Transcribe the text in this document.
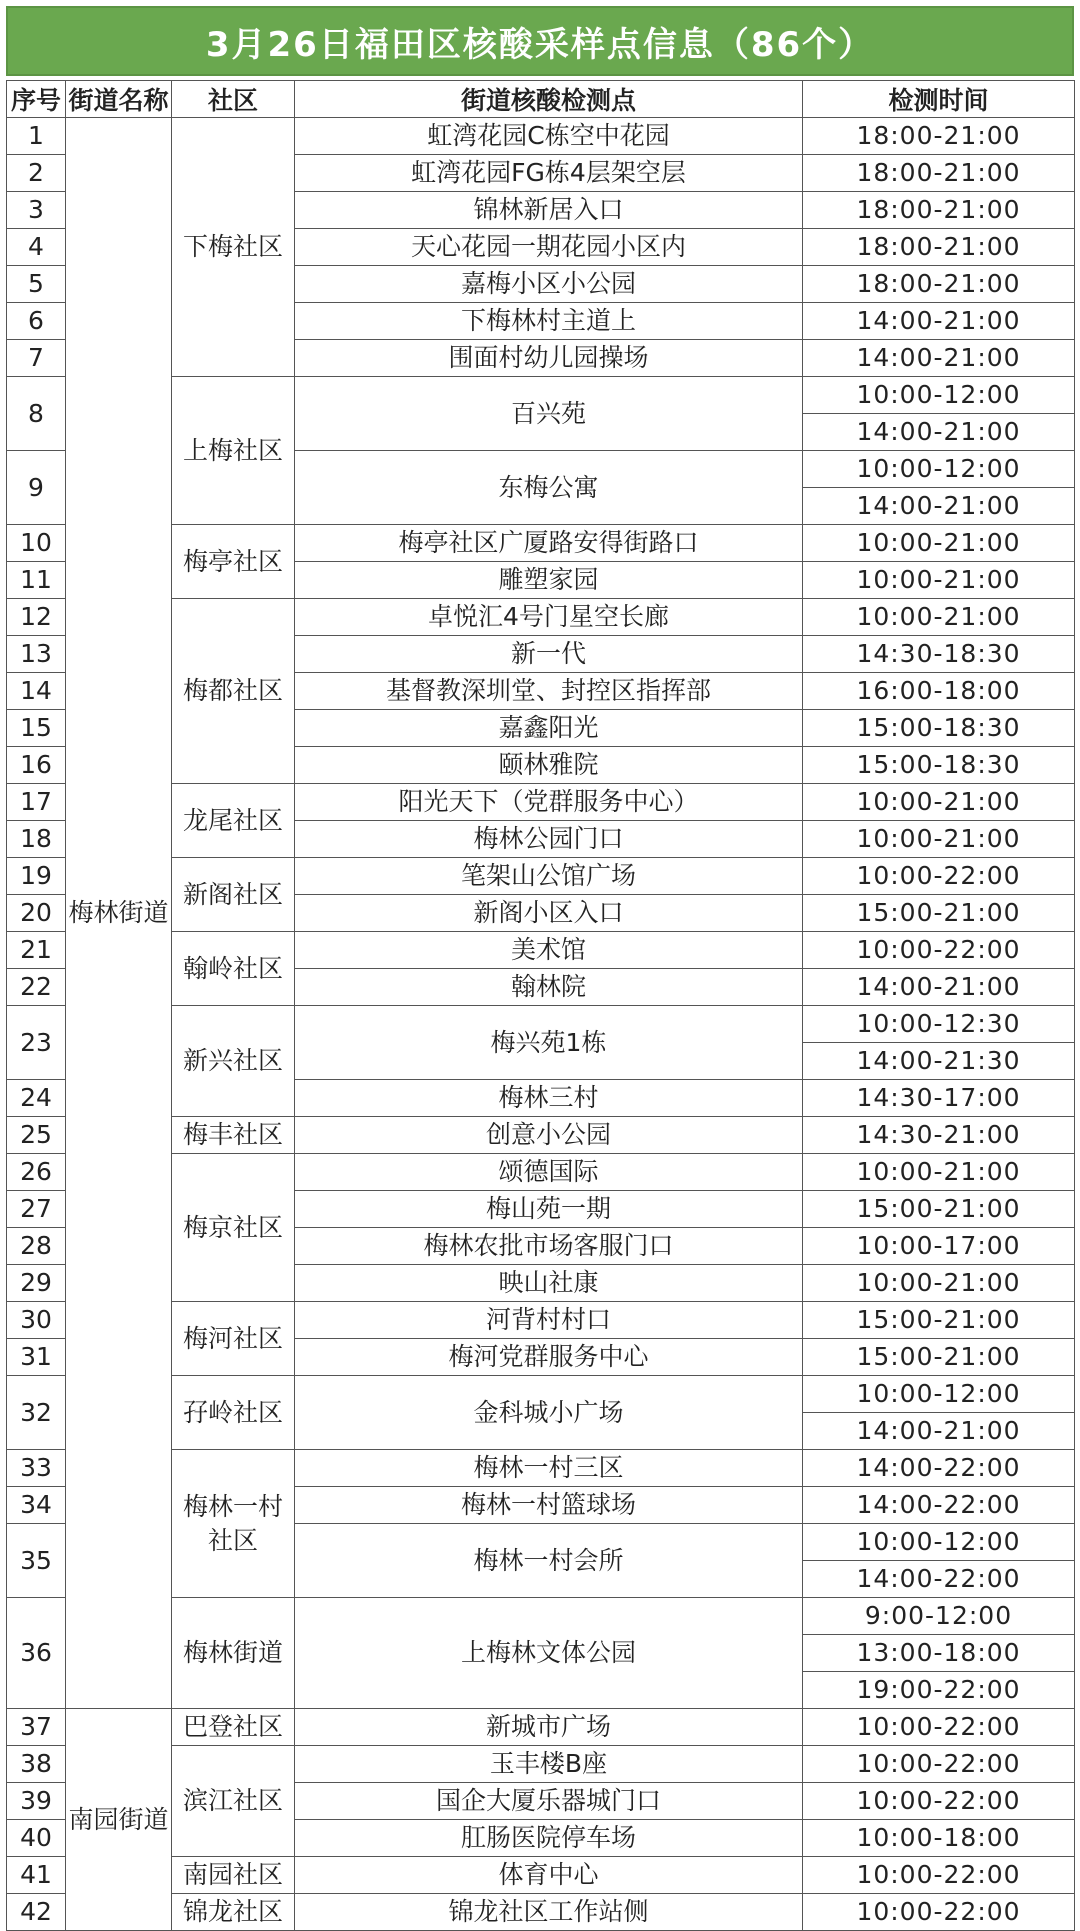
3月26日福田区核酸采样点信息（86个）
序号	街道名称	社区	街道核酸检测点	检测时间
1	梅林街道	下梅社区	虹湾花园C栋空中花园	18:00-21:00
2			虹湾花园FG栋4层架空层	18:00-21:00
3			锦林新居入口	18:00-21:00
4			天心花园一期花园小区内	18:00-21:00
5			嘉梅小区小公园	18:00-21:00
6			下梅林村主道上	14:00-21:00
7			围面村幼儿园操场	14:00-21:00
8		上梅社区	百兴苑	10:00-12:00
				14:00-21:00
9			东梅公寓	10:00-12:00
				14:00-21:00
10		梅亭社区	梅亭社区广厦路安得街路口	10:00-21:00
11			雕塑家园	10:00-21:00
12		梅都社区	卓悦汇4号门星空长廊	10:00-21:00
13			新一代	14:30-18:30
14			基督教深圳堂、封控区指挥部	16:00-18:00
15			嘉鑫阳光	15:00-18:30
16			颐林雅院	15:00-18:30
17		龙尾社区	阳光天下（党群服务中心）	10:00-21:00
18			梅林公园门口	10:00-21:00
19		新阁社区	笔架山公馆广场	10:00-22:00
20			新阁小区入口	15:00-21:00
21		翰岭社区	美术馆	10:00-22:00
22			翰林院	14:00-21:00
23		新兴社区	梅兴苑1栋	10:00-12:30
				14:00-21:30
24			梅林三村	14:30-17:00
25		梅丰社区	创意小公园	14:30-21:00
26		梅京社区	颂德国际	10:00-21:00
27			梅山苑一期	15:00-21:00
28			梅林农批市场客服门口	10:00-17:00
29			映山社康	10:00-21:00
30		梅河社区	河背村村口	15:00-21:00
31			梅河党群服务中心	15:00-21:00
32		孖岭社区	金科城小广场	10:00-12:00
				14:00-21:00
33		梅林一村社区	梅林一村三区	14:00-22:00
34			梅林一村篮球场	14:00-22:00
35			梅林一村会所	10:00-12:00
				14:00-22:00
36		梅林街道	上梅林文体公园	9:00-12:00
				13:00-18:00
				19:00-22:00
37	南园街道	巴登社区	新城市广场	10:00-22:00
38		滨江社区	玉丰楼B座	10:00-22:00
39			国企大厦乐器城门口	10:00-22:00
40			肛肠医院停车场	10:00-18:00
41		南园社区	体育中心	10:00-22:00
42		锦龙社区	锦龙社区工作站侧	10:00-22:00
